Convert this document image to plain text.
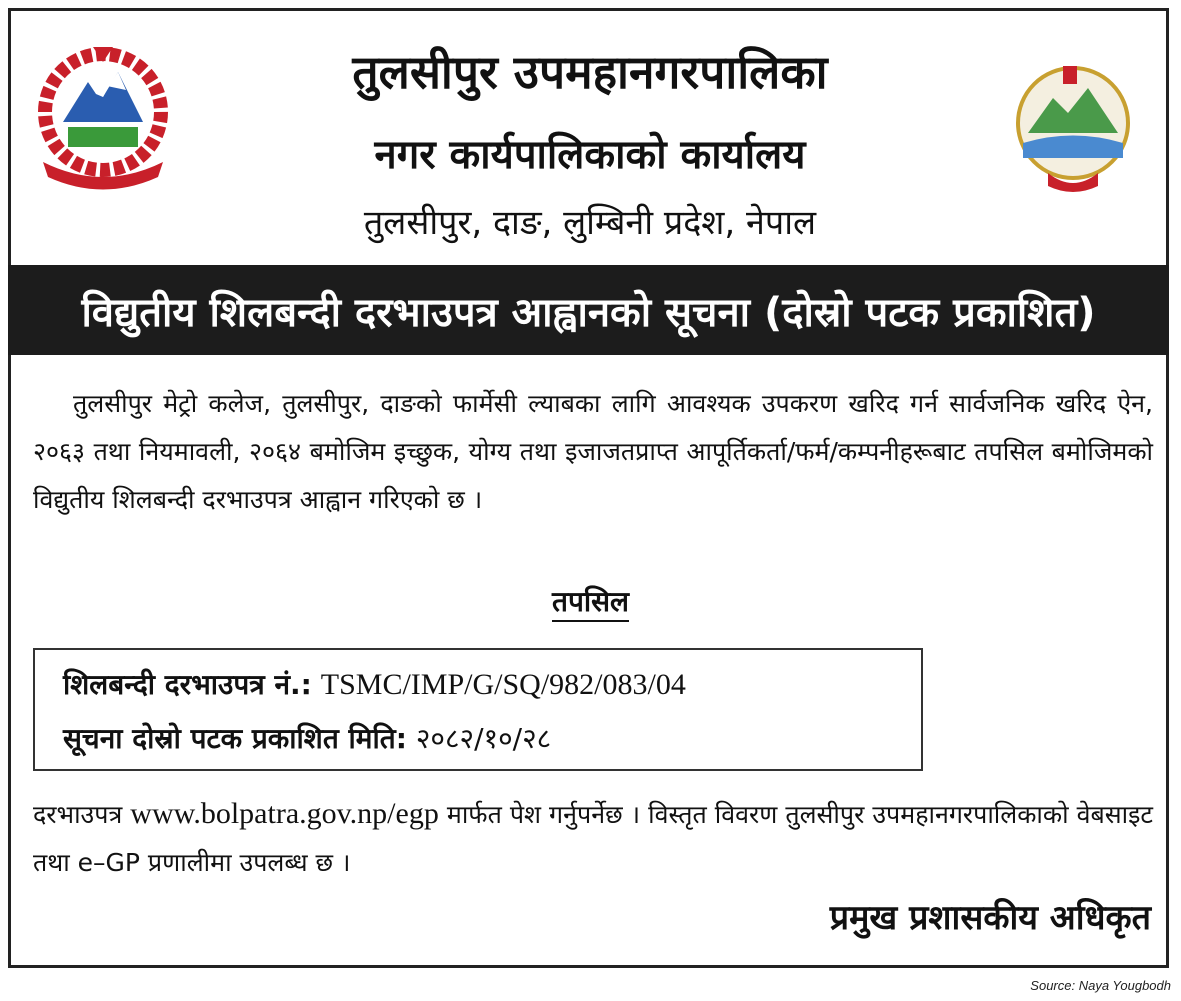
तुलसीपुर उपमहानगरपालिका
नगर कार्यपालिकाको कार्यालय
तुलसीपुर, दाङ, लुम्बिनी प्रदेश, नेपाल
विद्युतीय शिलबन्दी दरभाउपत्र आह्वानको सूचना (दोस्रो पटक प्रकाशित)
तुलसीपुर मेट्रो कलेज, तुलसीपुर, दाङको फार्मेसी ल्याबका लागि आवश्यक उपकरण खरिद गर्न सार्वजनिक खरिद ऐन, २०६३ तथा नियमावली, २०६४ बमोजिम इच्छुक, योग्य तथा इजाजतप्राप्त आपूर्तिकर्ता/फर्म/कम्पनीहरूबाट तपसिल बमोजिमको विद्युतीय शिलबन्दी दरभाउपत्र आह्वान गरिएको छ ।
तपसिल
शिलबन्दी दरभाउपत्र नं.: TSMC/IMP/G/SQ/982/083/04
सूचना दोस्रो पटक प्रकाशित मिति: २०८२/१०/२८
दरभाउपत्र www.bolpatra.gov.np/egp मार्फत पेश गर्नुपर्नेछ । विस्तृत विवरण तुलसीपुर उपमहानगरपालिकाको वेबसाइट तथा e–GP प्रणालीमा उपलब्ध छ ।
प्रमुख प्रशासकीय अधिकृत
Source: Naya Yougbodh
